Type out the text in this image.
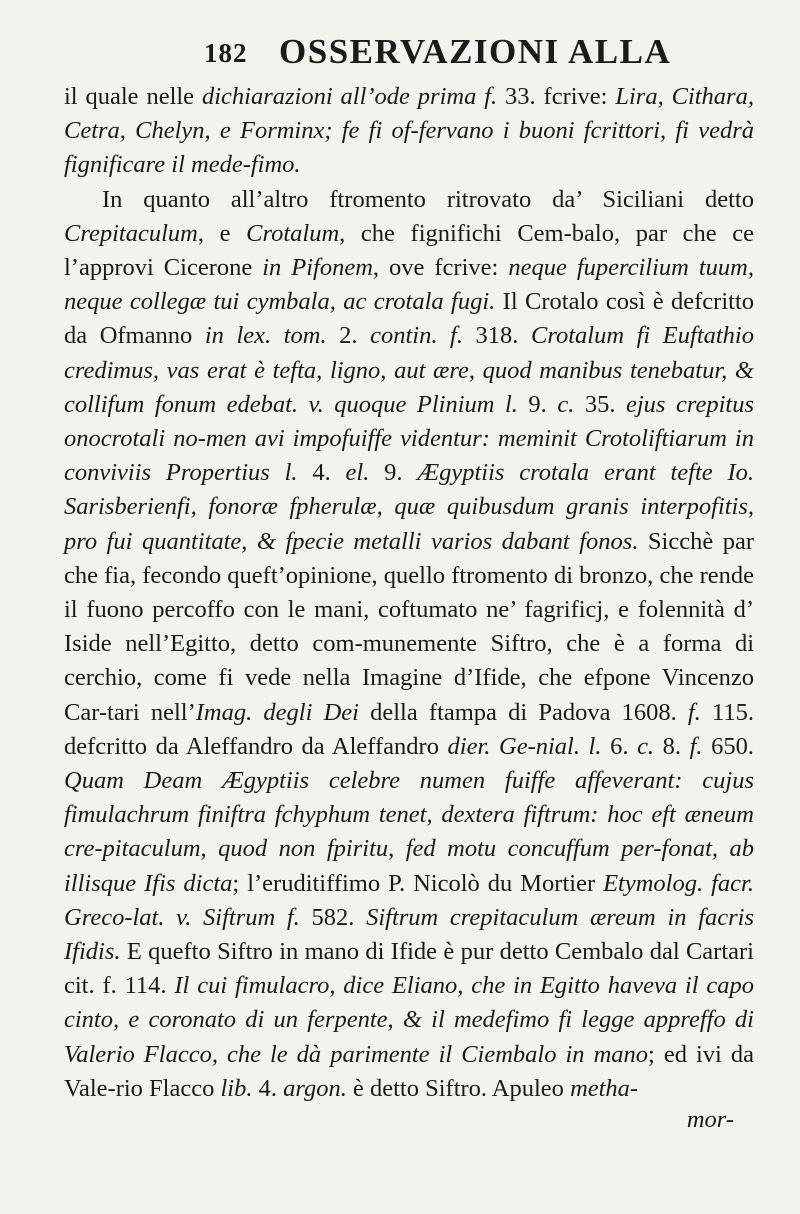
182 OSSERVAZIONI ALLA

il quale nelle dichiarazioni all’ode prima f. 33. fcrive: Lira, Cithara, Cetra, Chelyn, e Forminx; fe fi of-fervano i buoni fcrittori, fi vedrà fignificare il mede-fimo.

In quanto all’altro ftromento ritrovato da’ Siciliani detto Crepitaculum, e Crotalum, che fignifichi Cem-balo, par che ce l’approvi Cicerone in Pifonem, ove fcrive: neque fupercilium tuum, neque collegæ tui cymbala, ac crotala fugi. Il Crotalo così è defcritto da Ofmanno in lex. tom. 2. contin. f. 318. Crotalum fi Euftathio credimus, vas erat è tefta, ligno, aut ære, quod manibus tenebatur, & collifum fonum edebat. v. quoque Plinium l. 9. c. 35. ejus crepitus onocrotali no-men avi impofuiffe videntur: meminit Crotoliftiarum in conviviis Propertius l. 4. el. 9. Ægyptiis crotala erant tefte Io. Sarisberienfi, fonoræ fpherulæ, quæ quibusdum granis interpofitis, pro fui quantitate, & fpecie metalli varios dabant fonos. Sicchè par che fia, fecondo queft’opinione, quello ftromento di bronzo, che rende il fuono percoffo con le mani, coftumato ne’ fagrificj, e folennità d’ Iside nell’Egitto, detto com-munemente Siftro, che è a forma di cerchio, come fi vede nella Imagine d’Ifide, che efpone Vincenzo Car-tari nell’Imag. degli Dei della ftampa di Padova 1608. f. 115. defcritto da Aleffandro da Aleffandro dier. Ge-nial. l. 6. c. 8. f. 650. Quam Deam Ægyptiis celebre numen fuiffe affeverant: cujus fimulachrum finiftra fchyphum tenet, dextera fiftrum: hoc eft æneum cre-pitaculum, quod non fpiritu, fed motu concuffum per-fonat, ab illisque Ifis dicta; l’eruditiffimo P. Nicolò du Mortier Etymolog. facr. Greco-lat. v. Siftrum f. 582. Siftrum crepitaculum æreum in facris Ifidis. E quefto Siftro in mano di Ifide è pur detto Cembalo dal Cartari cit. f. 114. Il cui fimulacro, dice Eliano, che in Egitto haveva il capo cinto, e coronato di un ferpente, & il medefimo fi legge appreffo di Valerio Flacco, che le dà parimente il Ciembalo in mano; ed ivi da Vale-rio Flacco lib. 4. argon. è detto Siftro. Apuleo metha-

mor-
